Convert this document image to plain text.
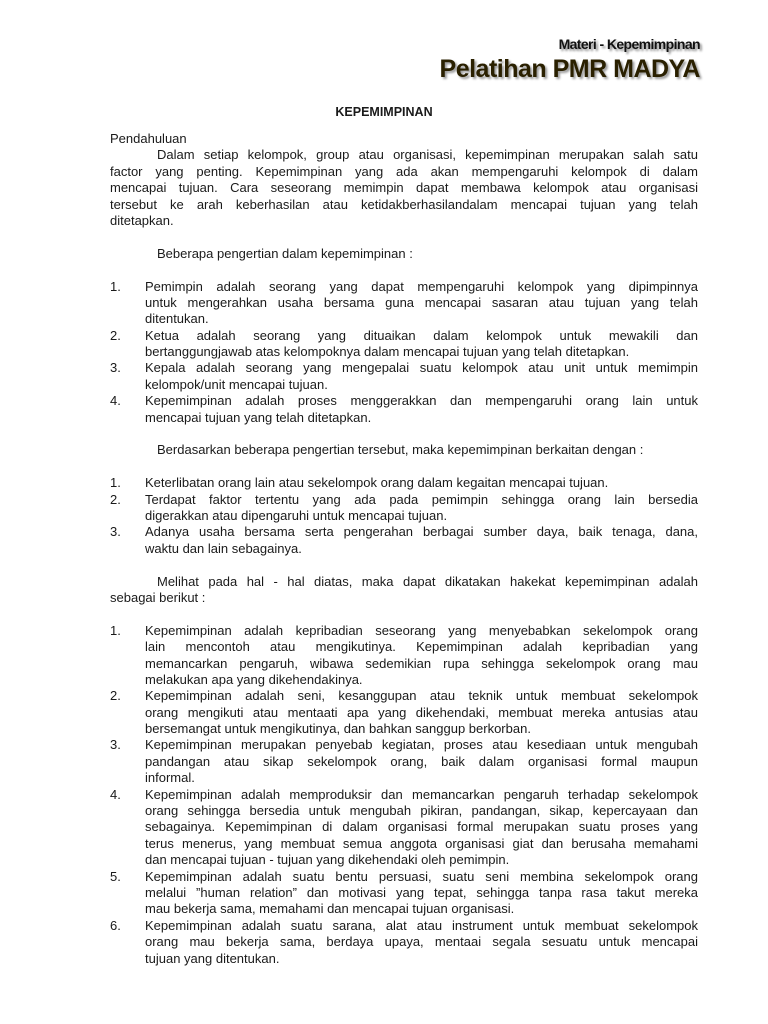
Materi - Kepemimpinan
Pelatihan PMR MADYA
KEPEMIMPINAN
Pendahuluan
Dalam setiap kelompok, group atau organisasi, kepemimpinan merupakan salah satu
factor yang penting. Kepemimpinan yang ada akan mempengaruhi kelompok di dalam
mencapai tujuan. Cara seseorang memimpin dapat membawa kelompok atau organisasi
tersebut ke arah keberhasilan atau ketidakberhasilandalam mencapai tujuan yang telah
ditetapkan.
Beberapa pengertian dalam kepemimpinan :
1.	Pemimpin adalah seorang yang dapat mempengaruhi kelompok yang dipimpinnya
untuk mengerahkan usaha bersama guna mencapai sasaran atau tujuan yang telah
ditentukan.
2.	Ketua adalah seorang yang dituaikan dalam kelompok untuk mewakili dan
bertanggungjawab atas kelompoknya dalam mencapai tujuan yang telah ditetapkan.
3.	Kepala adalah seorang yang mengepalai suatu kelompok atau unit untuk memimpin
kelompok/unit mencapai tujuan.
4.	Kepemimpinan adalah proses menggerakkan dan mempengaruhi orang lain untuk
mencapai tujuan yang telah ditetapkan.
Berdasarkan beberapa pengertian tersebut, maka kepemimpinan berkaitan dengan :
1.	Keterlibatan orang lain atau sekelompok orang dalam kegaitan mencapai tujuan.
2.	Terdapat faktor tertentu yang ada pada pemimpin sehingga orang lain bersedia
digerakkan atau dipengaruhi untuk mencapai tujuan.
3.	Adanya usaha bersama serta pengerahan berbagai sumber daya, baik tenaga, dana,
waktu dan lain sebagainya.
Melihat pada hal - hal diatas, maka dapat dikatakan hakekat kepemimpinan adalah
sebagai berikut :
1.	Kepemimpinan adalah kepribadian seseorang yang menyebabkan sekelompok orang
lain mencontoh atau mengikutinya. Kepemimpinan adalah kepribadian yang
memancarkan pengaruh, wibawa sedemikian rupa sehingga sekelompok orang mau
melakukan apa yang dikehendakinya.
2.	Kepemimpinan adalah seni, kesanggupan atau teknik untuk membuat sekelompok
orang mengikuti atau mentaati apa yang dikehendaki, membuat mereka antusias atau
bersemangat untuk mengikutinya, dan bahkan sanggup berkorban.
3.	Kepemimpinan merupakan penyebab kegiatan, proses atau kesediaan untuk mengubah
pandangan atau sikap sekelompok orang, baik dalam organisasi formal maupun
informal.
4.	Kepemimpinan adalah memproduksir dan memancarkan pengaruh terhadap sekelompok
orang sehingga bersedia untuk mengubah pikiran, pandangan, sikap, kepercayaan dan
sebagainya. Kepemimpinan di dalam organisasi formal merupakan suatu proses yang
terus menerus, yang membuat semua anggota organisasi giat dan berusaha memahami
dan mencapai tujuan - tujuan yang dikehendaki oleh pemimpin.
5.	Kepemimpinan adalah suatu bentu persuasi, suatu seni membina sekelompok orang
melalui ”human relation” dan motivasi yang tepat, sehingga tanpa rasa takut mereka
mau bekerja sama, memahami dan mencapai tujuan organisasi.
6.	Kepemimpinan adalah suatu sarana, alat atau instrument untuk membuat sekelompok
orang mau bekerja sama, berdaya upaya, mentaai segala sesuatu untuk mencapai
tujuan yang ditentukan.
